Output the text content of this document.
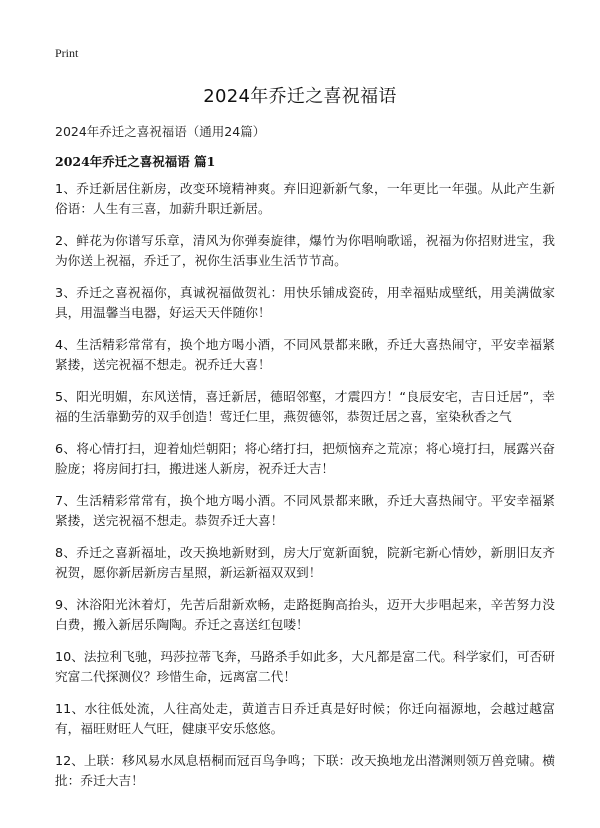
Print
2024年乔迁之喜祝福语
2024年乔迁之喜祝福语（通用24篇）
2024年乔迁之喜祝福语 篇1

1、乔迁新居住新房，改变环境精神爽。弃旧迎新新气象，一年更比一年强。从此产生新俗语：人生有三喜，加薪升职迁新居。

2、鲜花为你谱写乐章，清风为你弹奏旋律，爆竹为你唱响歌谣，祝福为你招财进宝，我为你送上祝福，乔迁了，祝你生活事业生活节节高。

3、乔迁之喜祝福你，真诚祝福做贺礼：用快乐铺成瓷砖，用幸福贴成壁纸，用美满做家具，用温馨当电器，好运天天伴随你！

4、生活精彩常常有，换个地方喝小酒，不同风景都来瞅，乔迁大喜热闹守，平安幸福紧紧搂，送完祝福不想走。祝乔迁大喜！

5、阳光明媚，东风送情，喜迁新居，德昭邻壑，才震四方！“良辰安宅，吉日迁居”，幸福的生活靠勤劳的双手创造！莺迁仁里，燕贺德邻，恭贺迁居之喜，室染秋香之气

6、将心情打扫，迎着灿烂朝阳；将心绪打扫，把烦恼弃之荒凉；将心境打扫，展露兴奋脸庞；将房间打扫，搬进迷人新房，祝乔迁大吉！

7、生活精彩常常有，换个地方喝小酒。不同风景都来瞅，乔迁大喜热闹守。平安幸福紧紧搂，送完祝福不想走。恭贺乔迁大喜！

8、乔迁之喜新福址，改天换地新财到，房大厅宽新面貌，院新宅新心情妙，新朋旧友齐祝贺，愿你新居新房吉星照，新运新福双双到！

9、沐浴阳光沐着灯，先苦后甜新欢畅，走路挺胸高抬头，迈开大步唱起来，辛苦努力没白费，搬入新居乐陶陶。乔迁之喜送红包喽！

10、法拉利飞驰，玛莎拉蒂飞奔，马路杀手如此多，大凡都是富二代。科学家们，可否研究富二代探测仪？珍惜生命，远离富二代！

11、水往低处流，人往高处走，黄道吉日乔迁真是好时候；你迁向福源地，会越过越富有，福旺财旺人气旺，健康平安乐悠悠。

12、上联：移风易水凤息梧桐而冠百鸟争鸣；下联：改天换地龙出潜渊则领万兽竞啸。横批：乔迁大吉！
